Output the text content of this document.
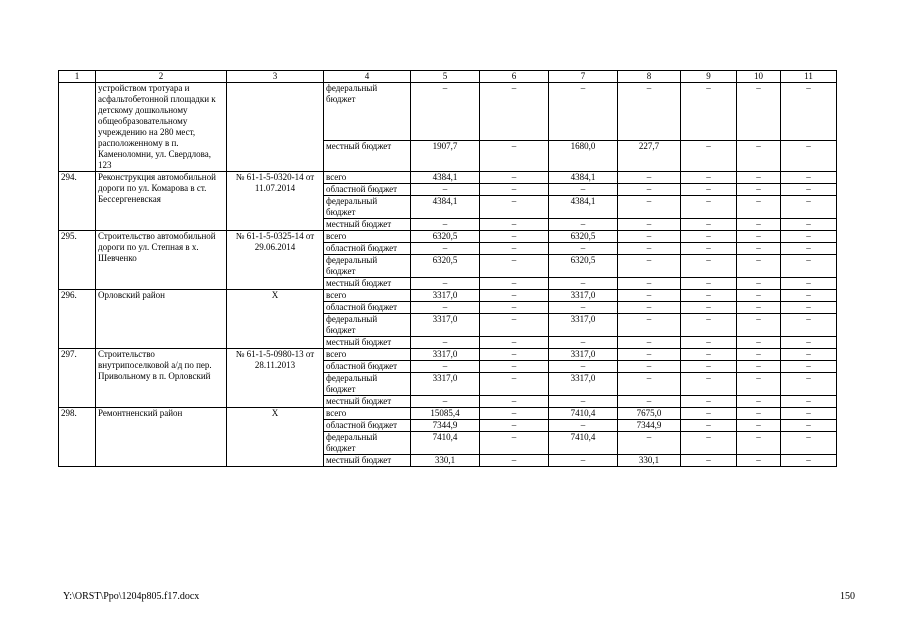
1	2	3	4	5	6	7	8	9	10	11
	устройством тротуара и асфальтобетонной площадки к детскому дошкольному общеобразовательному учреждению на 280 мест, расположенному в п. Каменоломни, ул. Свердлова, 123		федеральный бюджет	–	–	–	–	–	–	–
			местный бюджет	1907,7	–	1680,0	227,7	–	–	–
294.	Реконструкция автомобильной дороги по ул. Комарова в ст. Бессергеневская	№ 61-1-5-0320-14 от 11.07.2014	всего	4384,1	–	4384,1	–	–	–	–
			областной бюджет	–	–	–	–	–	–	–
			федеральный бюджет	4384,1	–	4384,1	–	–	–	–
			местный бюджет	–	–	–	–	–	–	–
295.	Строительство автомобильной дороги по ул. Степная в х. Шевченко	№ 61-1-5-0325-14 от 29.06.2014	всего	6320,5	–	6320,5	–	–	–	–
			областной бюджет	–	–	–	–	–	–	–
			федеральный бюджет	6320,5	–	6320,5	–	–	–	–
			местный бюджет	–	–	–	–	–	–	–
296.	Орловский район	Х	всего	3317,0	–	3317,0	–	–	–	–
			областной бюджет	–	–	–	–	–	–	–
			федеральный бюджет	3317,0	–	3317,0	–	–	–	–
			местный бюджет	–	–	–	–	–	–	–
297.	Строительство внутрипоселковой а/д по пер. Привольному в п. Орловский	№ 61-1-5-0980-13 от 28.11.2013	всего	3317,0	–	3317,0	–	–	–	–
			областной бюджет	–	–	–	–	–	–	–
			федеральный бюджет	3317,0	–	3317,0	–	–	–	–
			местный бюджет	–	–	–	–	–	–	–
298.	Ремонтненский район	Х	всего	15085,4	–	7410,4	7675,0	–	–	–
			областной бюджет	7344,9	–	–	7344,9	–	–	–
			федеральный бюджет	7410,4	–	7410,4	–	–	–	–
			местный бюджет	330,1	–	–	330,1	–	–	–
Y:\ORST\Ppo\1204p805.f17.docx	150
